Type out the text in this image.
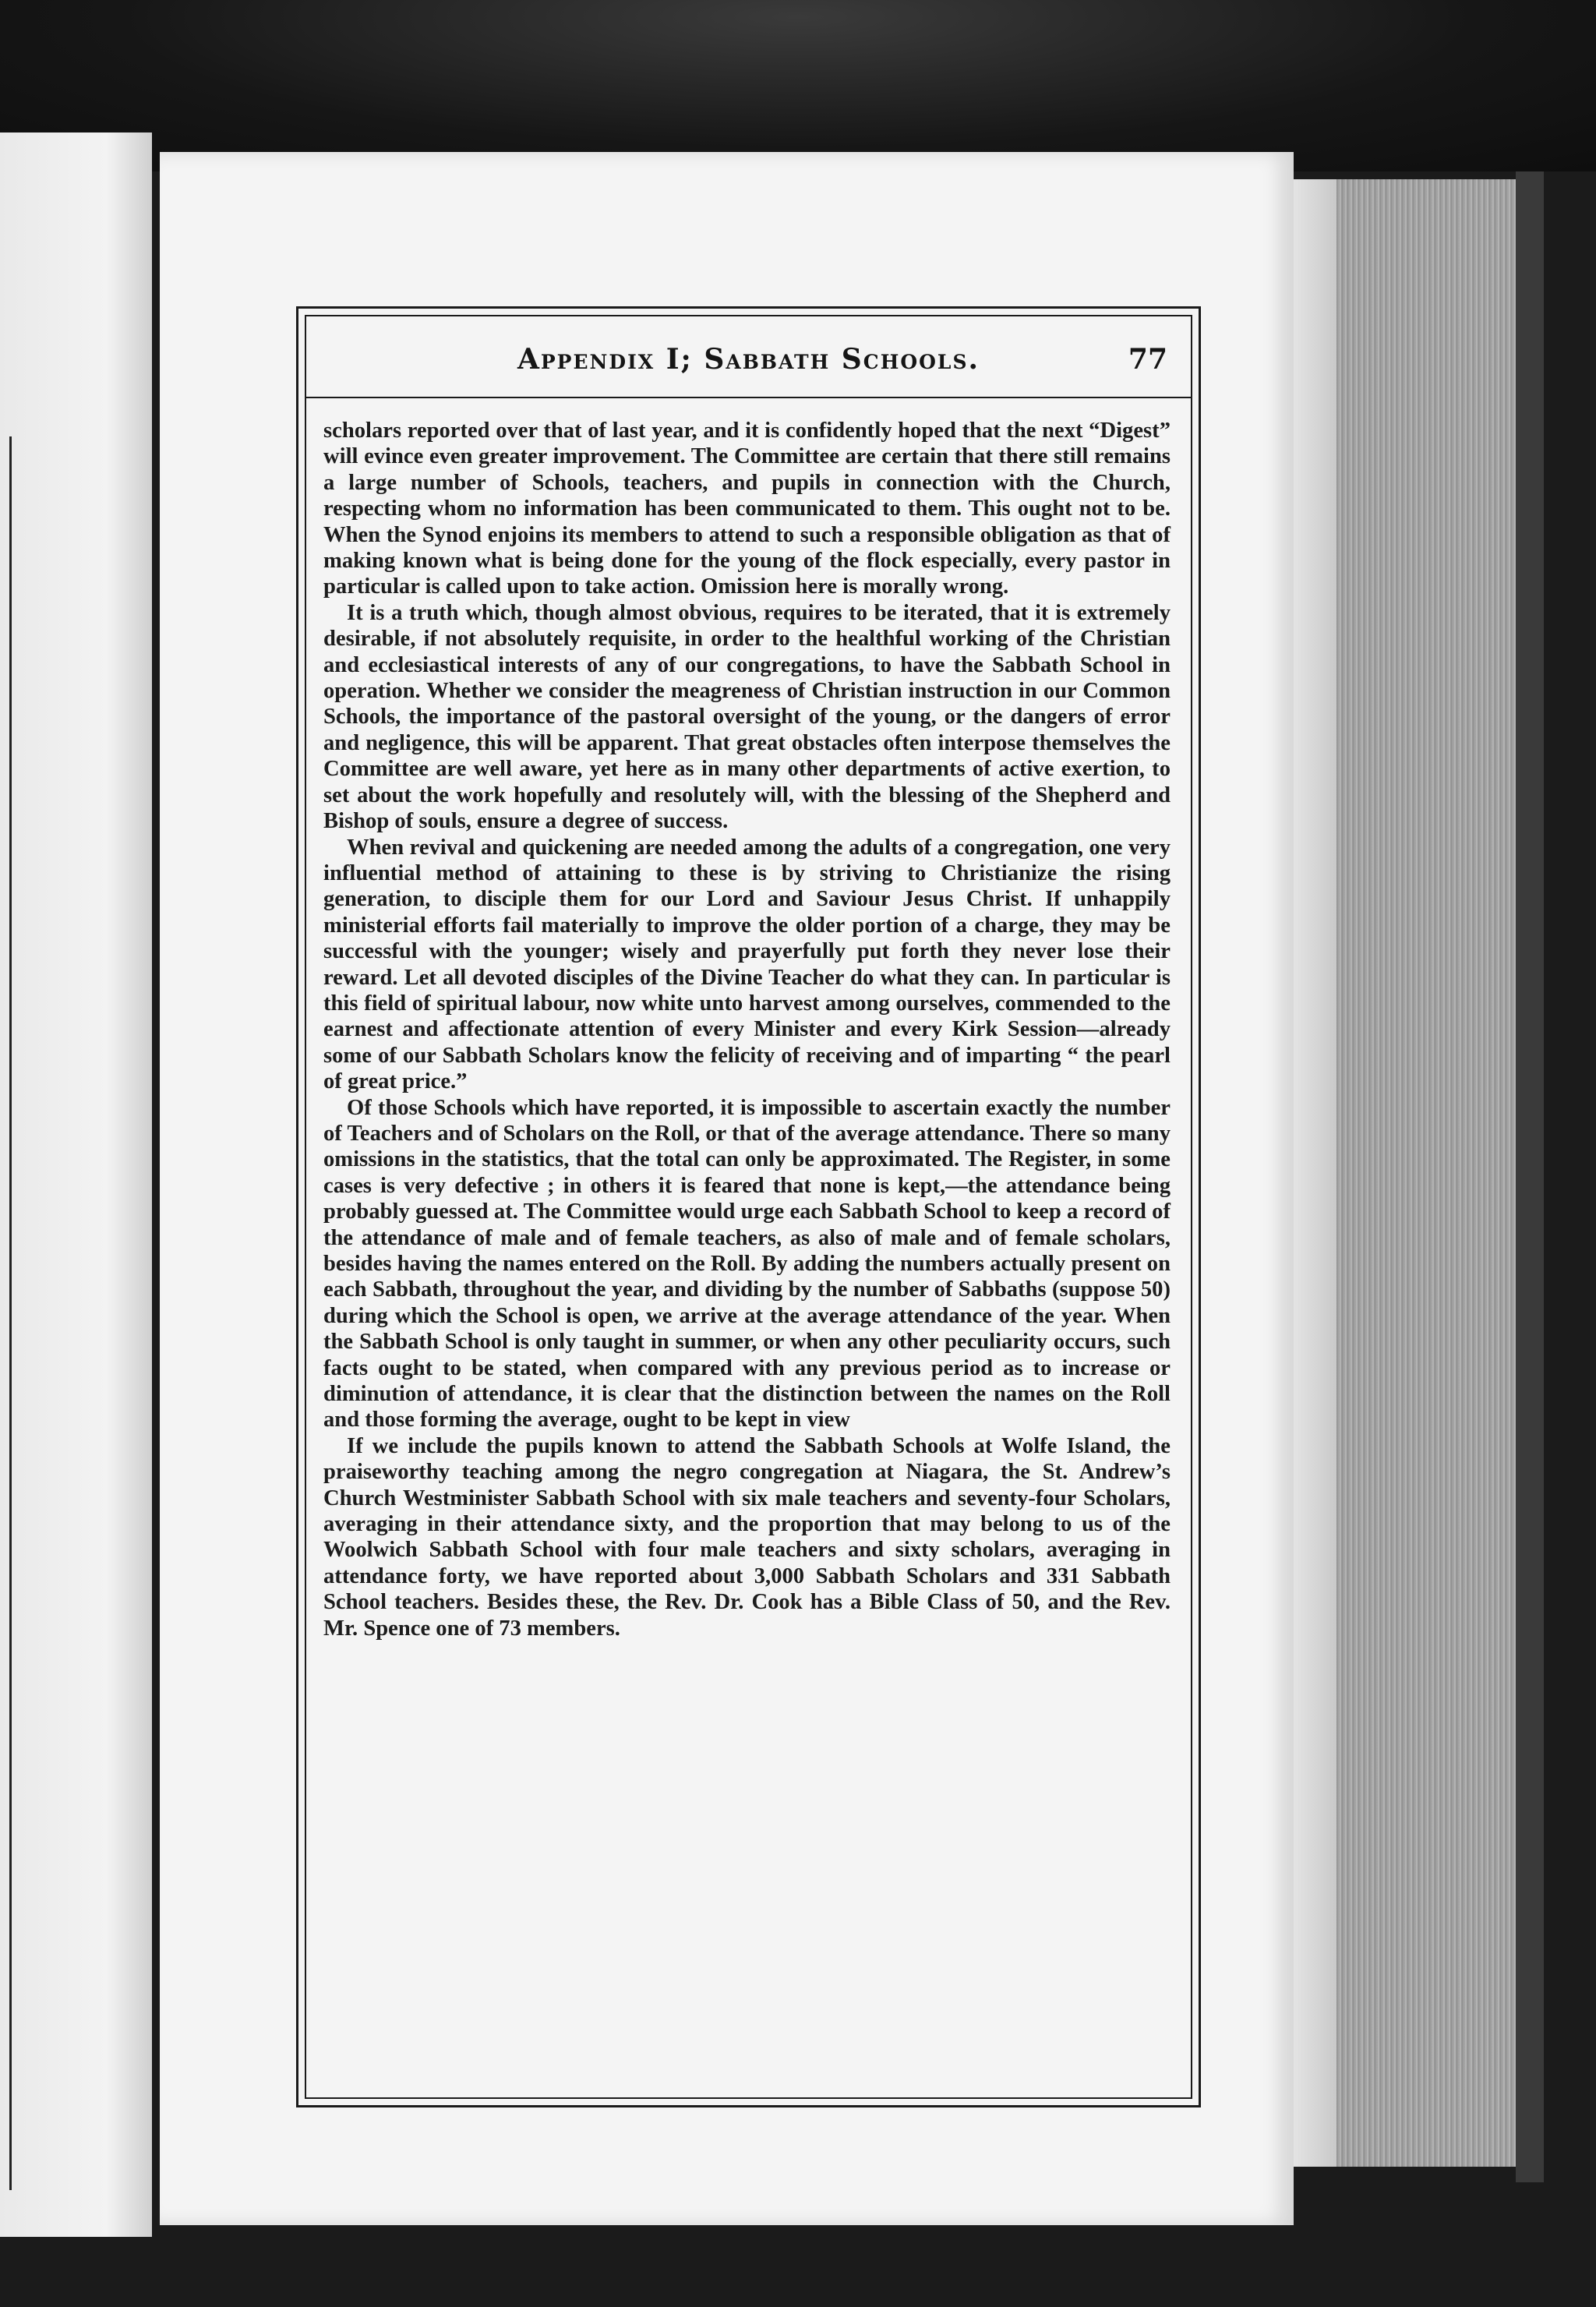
Appendix I; Sabbath Schools.	77

scholars reported over that of last year, and it is confidently hoped that the next “Digest” will evince even greater improvement. The Committee are certain that there still remains a large number of Schools, teachers, and pupils in connection with the Church, respecting whom no information has been communicated to them. This ought not to be. When the Synod enjoins its members to attend to such a responsible obligation as that of making known what is being done for the young of the flock especially, every pastor in particular is called upon to take action. Omission here is morally wrong.

It is a truth which, though almost obvious, requires to be iterated, that it is extremely desirable, if not absolutely requisite, in order to the healthful working of the Christian and ecclesiastical interests of any of our congregations, to have the Sabbath School in operation. Whether we consider the meagreness of Christian instruction in our Common Schools, the importance of the pastoral oversight of the young, or the dangers of error and negligence, this will be apparent. That great obstacles often interpose themselves the Committee are well aware, yet here as in many other departments of active exertion, to set about the work hopefully and resolutely will, with the blessing of the Shepherd and Bishop of souls, ensure a degree of success.

When revival and quickening are needed among the adults of a congregation, one very influential method of attaining to these is by striving to Christianize the rising generation, to disciple them for our Lord and Saviour Jesus Christ. If unhappily ministerial efforts fail materially to improve the older portion of a charge, they may be successful with the younger; wisely and prayerfully put forth they never lose their reward. Let all devoted disciples of the Divine Teacher do what they can. In particular is this field of spiritual labour, now white unto harvest among ourselves, commended to the earnest and affectionate attention of every Minister and every Kirk Session—already some of our Sabbath Scholars know the felicity of receiving and of imparting “ the pearl of great price.”

Of those Schools which have reported, it is impossible to ascertain exactly the number of Teachers and of Scholars on the Roll, or that of the average attendance. There so many omissions in the statistics, that the total can only be approximated. The Register, in some cases is very defective ; in others it is feared that none is kept,—the attendance being probably guessed at. The Committee would urge each Sabbath School to keep a record of the attendance of male and of female teachers, as also of male and of female scholars, besides having the names entered on the Roll. By adding the numbers actually present on each Sabbath, throughout the year, and dividing by the number of Sabbaths (suppose 50) during which the School is open, we arrive at the average attendance of the year. When the Sabbath School is only taught in summer, or when any other peculiarity occurs, such facts ought to be stated, when compared with any previous period as to increase or diminution of attendance, it is clear that the distinction between the names on the Roll and those forming the average, ought to be kept in view

If we include the pupils known to attend the Sabbath Schools at Wolfe Island, the praiseworthy teaching among the negro congregation at Niagara, the St. Andrew’s Church Westminister Sabbath School with six male teachers and seventy-four Scholars, averaging in their attendance sixty, and the proportion that may belong to us of the Woolwich Sabbath School with four male teachers and sixty scholars, averaging in attendance forty, we have reported about 3,000 Sabbath Scholars and 331 Sabbath School teachers. Besides these, the Rev. Dr. Cook has a Bible Class of 50, and the Rev. Mr. Spence one of 73 members.
